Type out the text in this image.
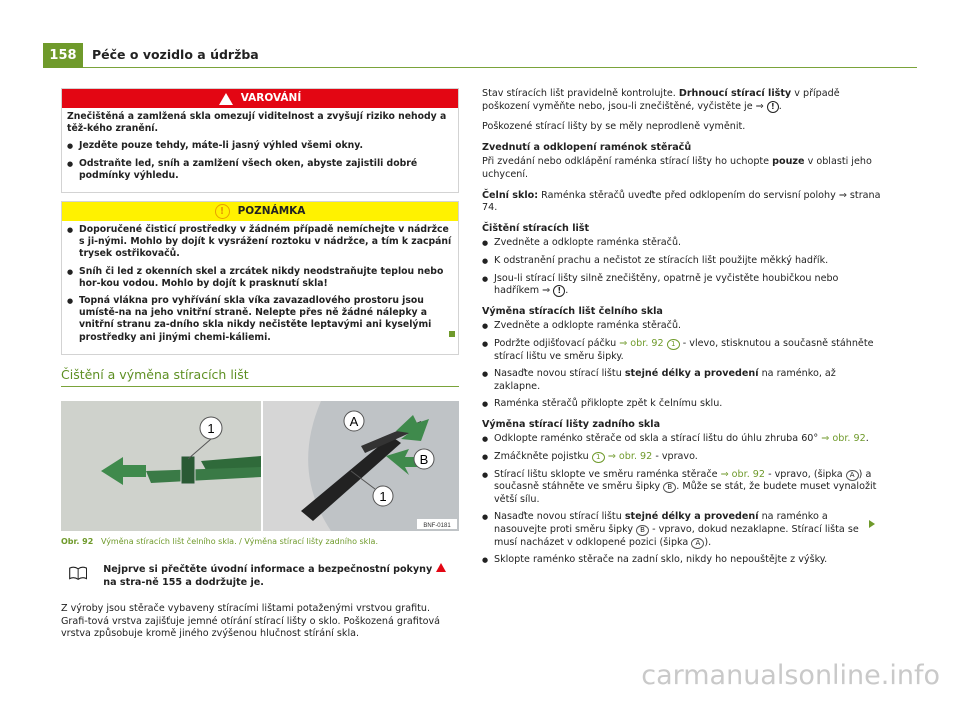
158	Péče o vozidlo a údržba
VAROVÁNÍ

Znečištěná a zamlžená skla omezují viditelnost a zvyšují riziko nehody a těž-kého zranění.

● Jezděte pouze tehdy, máte-li jasný výhled všemi okny.

● Odstraňte led, sníh a zamlžení všech oken, abyste zajistili dobré podmínky výhledu.

!	POZNÁMKA

● Doporučené čisticí prostředky v žádném případě nemíchejte v nádržce s ji-nými. Mohlo by dojít k vysrážení roztoku v nádržce, a tím k zacpání trysek ostřikovačů.

● Sníh či led z okenních skel a zrcátek nikdy neodstraňujte teplou nebo hor-kou vodou. Mohlo by dojít k prasknutí skla!

● Topná vlákna pro vyhřívání skla víka zavazadlového prostoru jsou umístě-na na jeho vnitřní straně. Nelepte přes ně žádné nálepky a vnitřní stranu za-dního skla nikdy nečistěte leptavými ani kyselými prostředky ani jinými chemi-káliemi.

Čištění a výměna stíracích lišt
1	A
B
1
BNF-0181
Obr. 92 Výměna stíracích lišt čelního skla. / Výměna stírací lišty zadního skla.
Nejprve si přečtěte úvodní informace a bezpečnostní pokyny  na stra-ně 155 a dodržujte je.

Z výroby jsou stěrače vybaveny stíracími lištami potaženými vrstvou grafitu. Grafi-tová vrstva zajišťuje jemné otírání stírací lišty o sklo. Poškozená grafitová vrstva způsobuje kromě jiného zvýšenou hlučnost stírání skla.

Stav stíracích lišt pravidelně kontrolujte. Drhnoucí stírací lišty v případě poškození vyměňte nebo, jsou-li znečištěné, vyčistěte je ⇒ ! .

Poškozené stírací lišty by se měly neprodleně vyměnit.

Zvednutí a odklopení raménok stěračů

Při zvedání nebo odklápění raménka stírací lišty ho uchopte pouze v oblasti jeho uchycení.

Čelní sklo: Raménka stěračů uveďte před odklopením do servisní polohy ⇒ strana 74.

Čištění stíracích lišt

● Zvedněte a odklopte raménka stěračů.

● K odstranění prachu a nečistot ze stíracích lišt použijte měkký hadřík.

● Jsou-li stírací lišty silně znečištěny, opatrně je vyčistěte houbičkou nebo hadříkem ⇒ ! .

Výměna stíracích lišt čelního skla

● Zvedněte a odklopte raménka stěračů.

● Podržte odjišťovací páčku ⇒ obr. 92 1 - vlevo, stisknutou a současně stáhněte stírací lištu ve směru šipky.

● Nasaďte novou stírací lištu stejné délky a provedení na raménko, až zaklapne.

● Raménka stěračů přiklopte zpět k čelnímu sklu.

Výměna stírací lišty zadního skla

● Odklopte raménko stěrače od skla a stírací lištu do úhlu zhruba 60° ⇒ obr. 92.

● Zmáčkněte pojistku 1 ⇒ obr. 92 - vpravo.

● Stírací lištu sklopte ve směru raménka stěrače ⇒ obr. 92 - vpravo, (šipka A ) a současně stáhněte ve směru šipky B . Může se stát, že budete muset vynaložit větší sílu.

● Nasaďte novou stírací lištu stejné délky a provedení na raménko a nasouvejte proti směru šipky B - vpravo, dokud nezaklapne. Stírací lišta se musí nacházet v odklopené pozici (šipka A ).

● Sklopte raménko stěrače na zadní sklo, nikdy ho nepouštějte z výšky.

carmanualsonline.info
